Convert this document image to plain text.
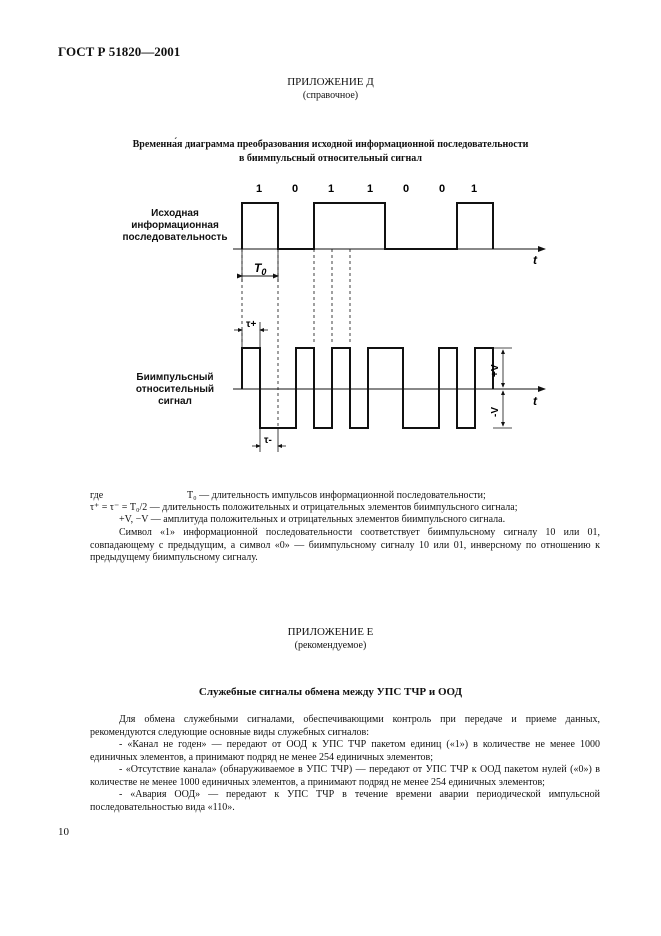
ГОСТ Р 51820—2001
ПРИЛОЖЕНИЕ Д
(справочное)
Временна́я диаграмма преобразования исходной информационной последовательности
в биимпульсный относительный сигнал
Исходная
информационная
последовательность
Биимпульсный
относительный
сигнал
1	0	1	1	0	0 1
t
$T_0$
t
τ+
τ-
+V
-V
где	T₀ — длительность импульсов информационной последовательности;
τ⁺ = τ⁻ = T₀/2 — длительность положительных и отрицательных элементов биимпульсного сигнала;
+V, −V — амплитуда положительных и отрицательных элементов биимпульсного сигнала.
Символ «1» информационной последовательности соответствует биимпульсному сигналу 10 или 01, совпадающему с предыдущим, а символ «0» — биимпульсному сигналу 10 или 01, инверсному по отношению к предыдущему биимпульсному сигналу.
ПРИЛОЖЕНИЕ Е
(рекомендуемое)
Служебные сигналы обмена между УПС ТЧР и ООД
Для обмена служебными сигналами, обеспечивающими контроль при передаче и приеме данных, рекомендуются следующие основные виды служебных сигналов:
- «Канал не годен» — передают от ООД к УПС ТЧР пакетом единиц («1») в количестве не менее 1000 единичных элементов, а принимают подряд не менее 254 единичных элементов;
- «Отсутствие канала» (обнаруживаемое в УПС ТЧР) — передают от УПС ТЧР к ООД пакетом нулей («0») в количестве не менее 1000 единичных элементов, а принимают подряд не менее 254 единичных элементов;
- «Авария ООД» — передают к УПС ТЧР в течение времени аварии периодической импульсной последовательностью вида «110».
10
